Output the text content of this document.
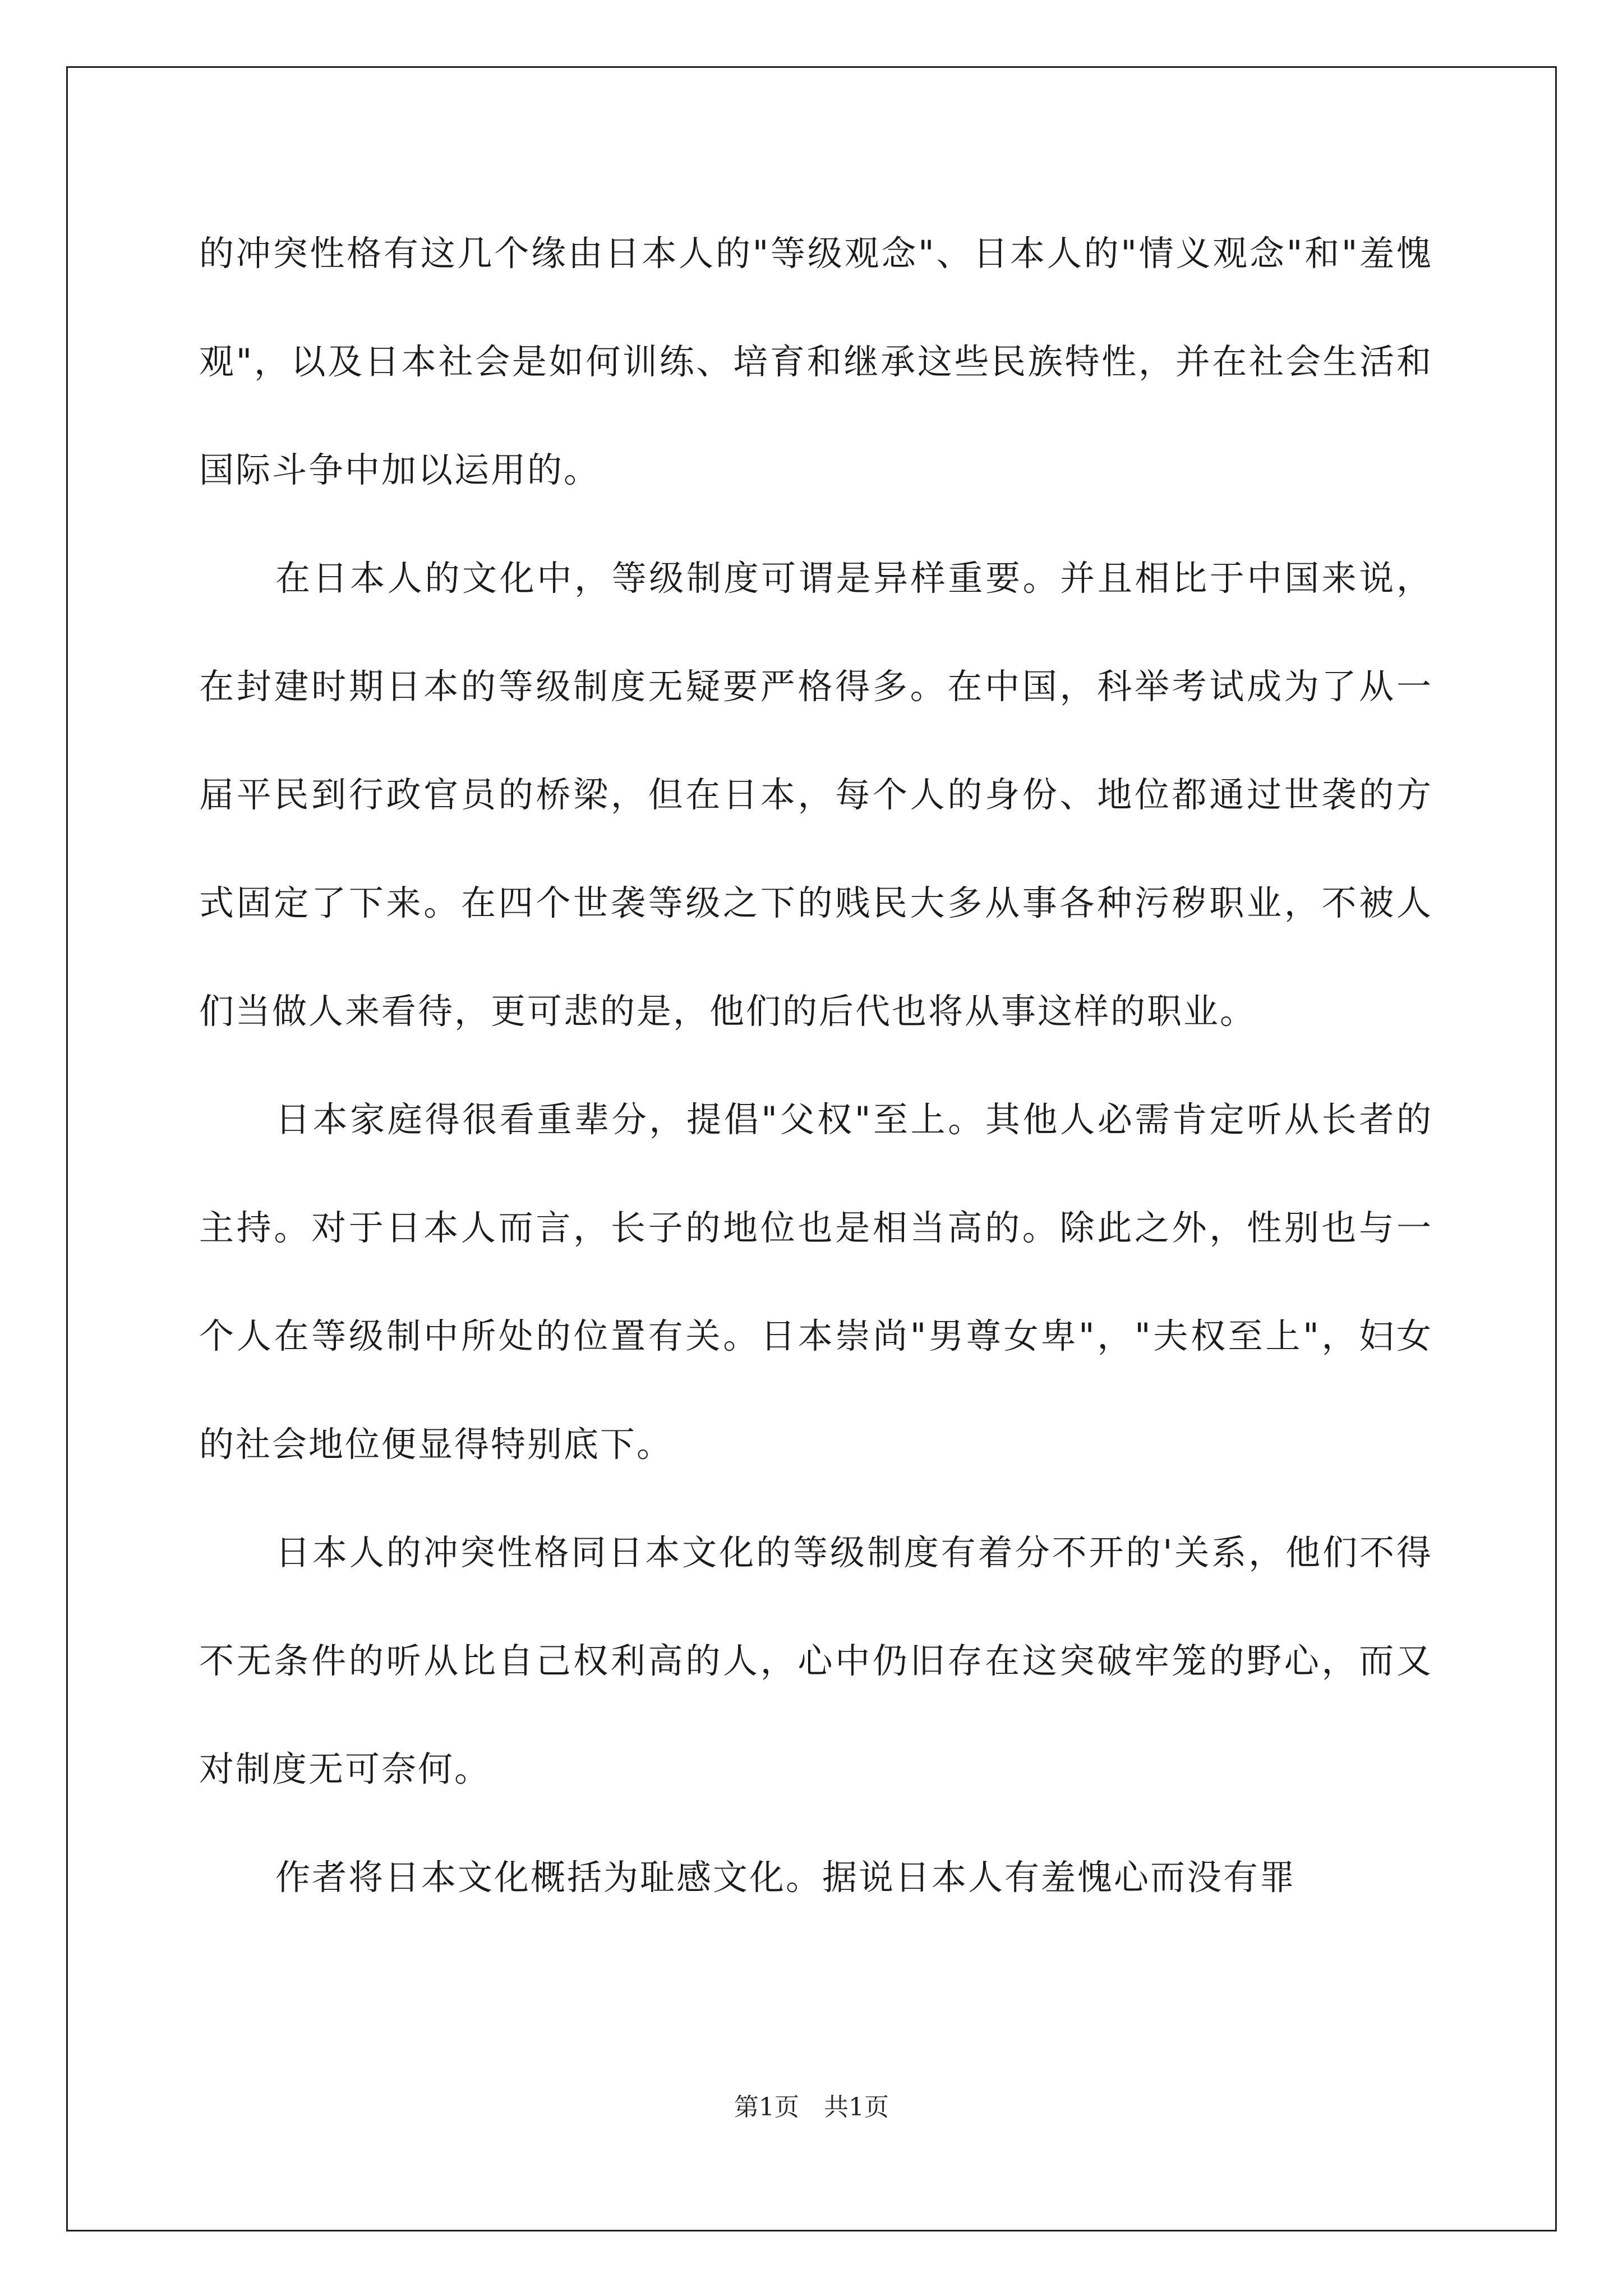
的冲突性格有这几个缘由日本人的"等级观念"、日本人的"情义观念"和"羞愧观"，以及日本社会是如何训练、培育和继承这些民族特性，并在社会生活和国际斗争中加以运用的。

在日本人的文化中，等级制度可谓是异样重要。并且相比于中国来说，在封建时期日本的等级制度无疑要严格得多。在中国，科举考试成为了从一届平民到行政官员的桥梁，但在日本，每个人的身份、地位都通过世袭的方式固定了下来。在四个世袭等级之下的贱民大多从事各种污秽职业，不被人们当做人来看待，更可悲的是，他们的后代也将从事这样的职业。

日本家庭得很看重辈分，提倡"父权"至上。其他人必需肯定听从长者的主持。对于日本人而言，长子的地位也是相当高的。除此之外，性别也与一个人在等级制中所处的位置有关。日本崇尚"男尊女卑"，"夫权至上"，妇女的社会地位便显得特别底下。

日本人的冲突性格同日本文化的等级制度有着分不开的'关系，他们不得不无条件的听从比自己权利高的人，心中仍旧存在这突破牢笼的野心，而又对制度无可奈何。

作者将日本文化概括为耻感文化。据说日本人有羞愧心而没有罪

第1页　共1页
